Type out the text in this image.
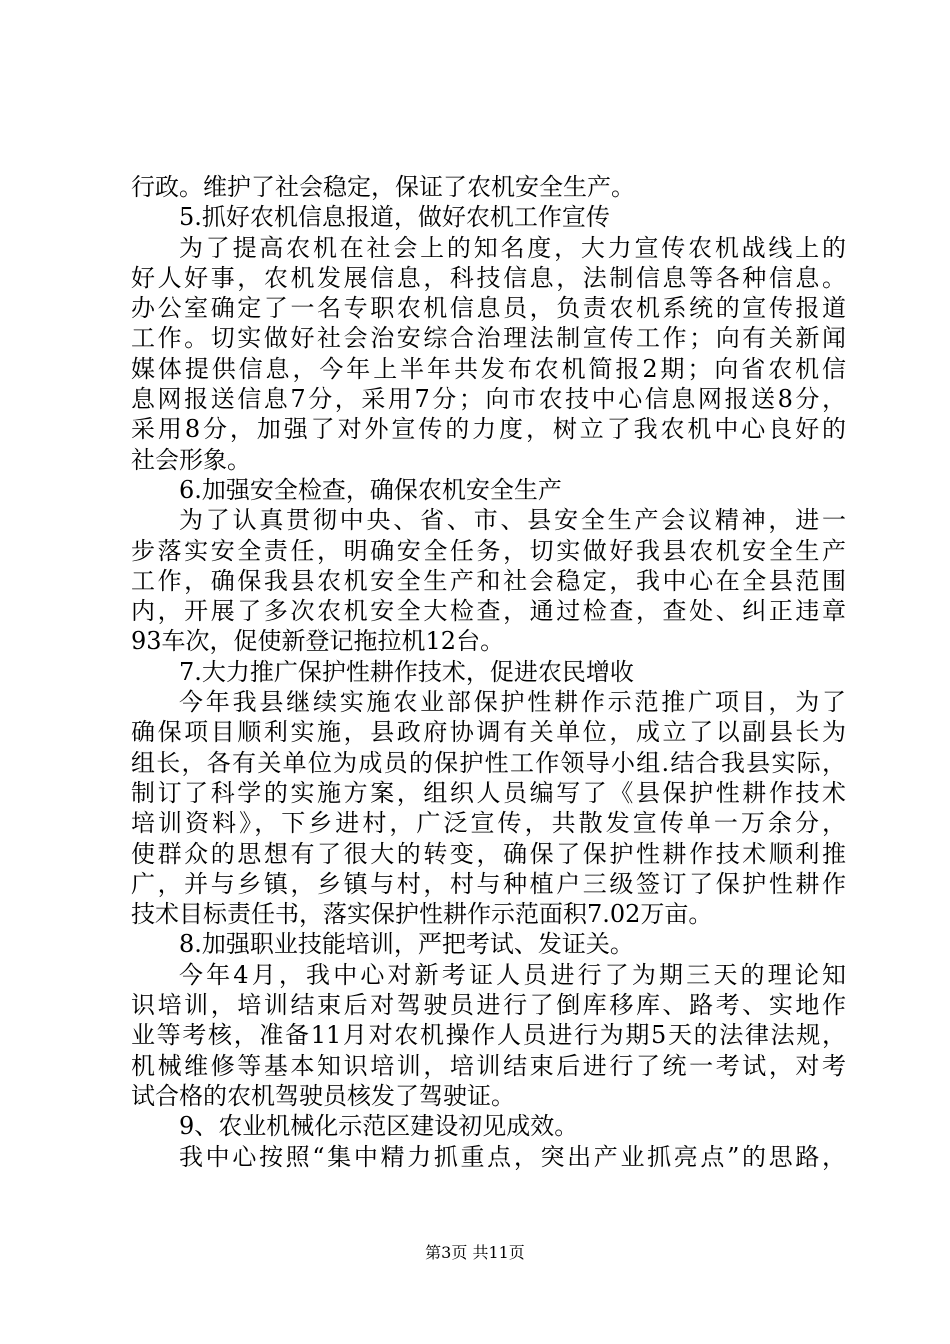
行政。维护了社会稳定，保证了农机安全生产。
5.抓好农机信息报道，做好农机工作宣传
为了提高农机在社会上的知名度，大力宣传农机战线上的
好人好事，农机发展信息，科技信息，法制信息等各种信息。
办公室确定了一名专职农机信息员，负责农机系统的宣传报道
工作。切实做好社会治安综合治理法制宣传工作；向有关新闻
媒体提供信息，今年上半年共发布农机简报2期；向省农机信
息网报送信息7分，采用7分；向市农技中心信息网报送8分，
采用8分，加强了对外宣传的力度，树立了我农机中心良好的
社会形象。
6.加强安全检查，确保农机安全生产
为了认真贯彻中央、省、市、县安全生产会议精神，进一
步落实安全责任，明确安全任务，切实做好我县农机安全生产
工作，确保我县农机安全生产和社会稳定，我中心在全县范围
内，开展了多次农机安全大检查，通过检查，查处、纠正违章
93车次，促使新登记拖拉机12台。
7.大力推广保护性耕作技术，促进农民增收
今年我县继续实施农业部保护性耕作示范推广项目，为了
确保项目顺利实施，县政府协调有关单位，成立了以副县长为
组长，各有关单位为成员的保护性工作领导小组.结合我县实际，
制订了科学的实施方案，组织人员编写了《县保护性耕作技术
培训资料》，下乡进村，广泛宣传，共散发宣传单一万余分，
使群众的思想有了很大的转变，确保了保护性耕作技术顺利推
广，并与乡镇，乡镇与村，村与种植户三级签订了保护性耕作
技术目标责任书，落实保护性耕作示范面积7.02万亩。
8.加强职业技能培训，严把考试、发证关。
今年4月，我中心对新考证人员进行了为期三天的理论知
识培训，培训结束后对驾驶员进行了倒库移库、路考、实地作
业等考核，准备11月对农机操作人员进行为期5天的法律法规，
机械维修等基本知识培训，培训结束后进行了统一考试，对考
试合格的农机驾驶员核发了驾驶证。
9、农业机械化示范区建设初见成效。
我中心按照“集中精力抓重点，突出产业抓亮点”的思路，
第3页 共11页
